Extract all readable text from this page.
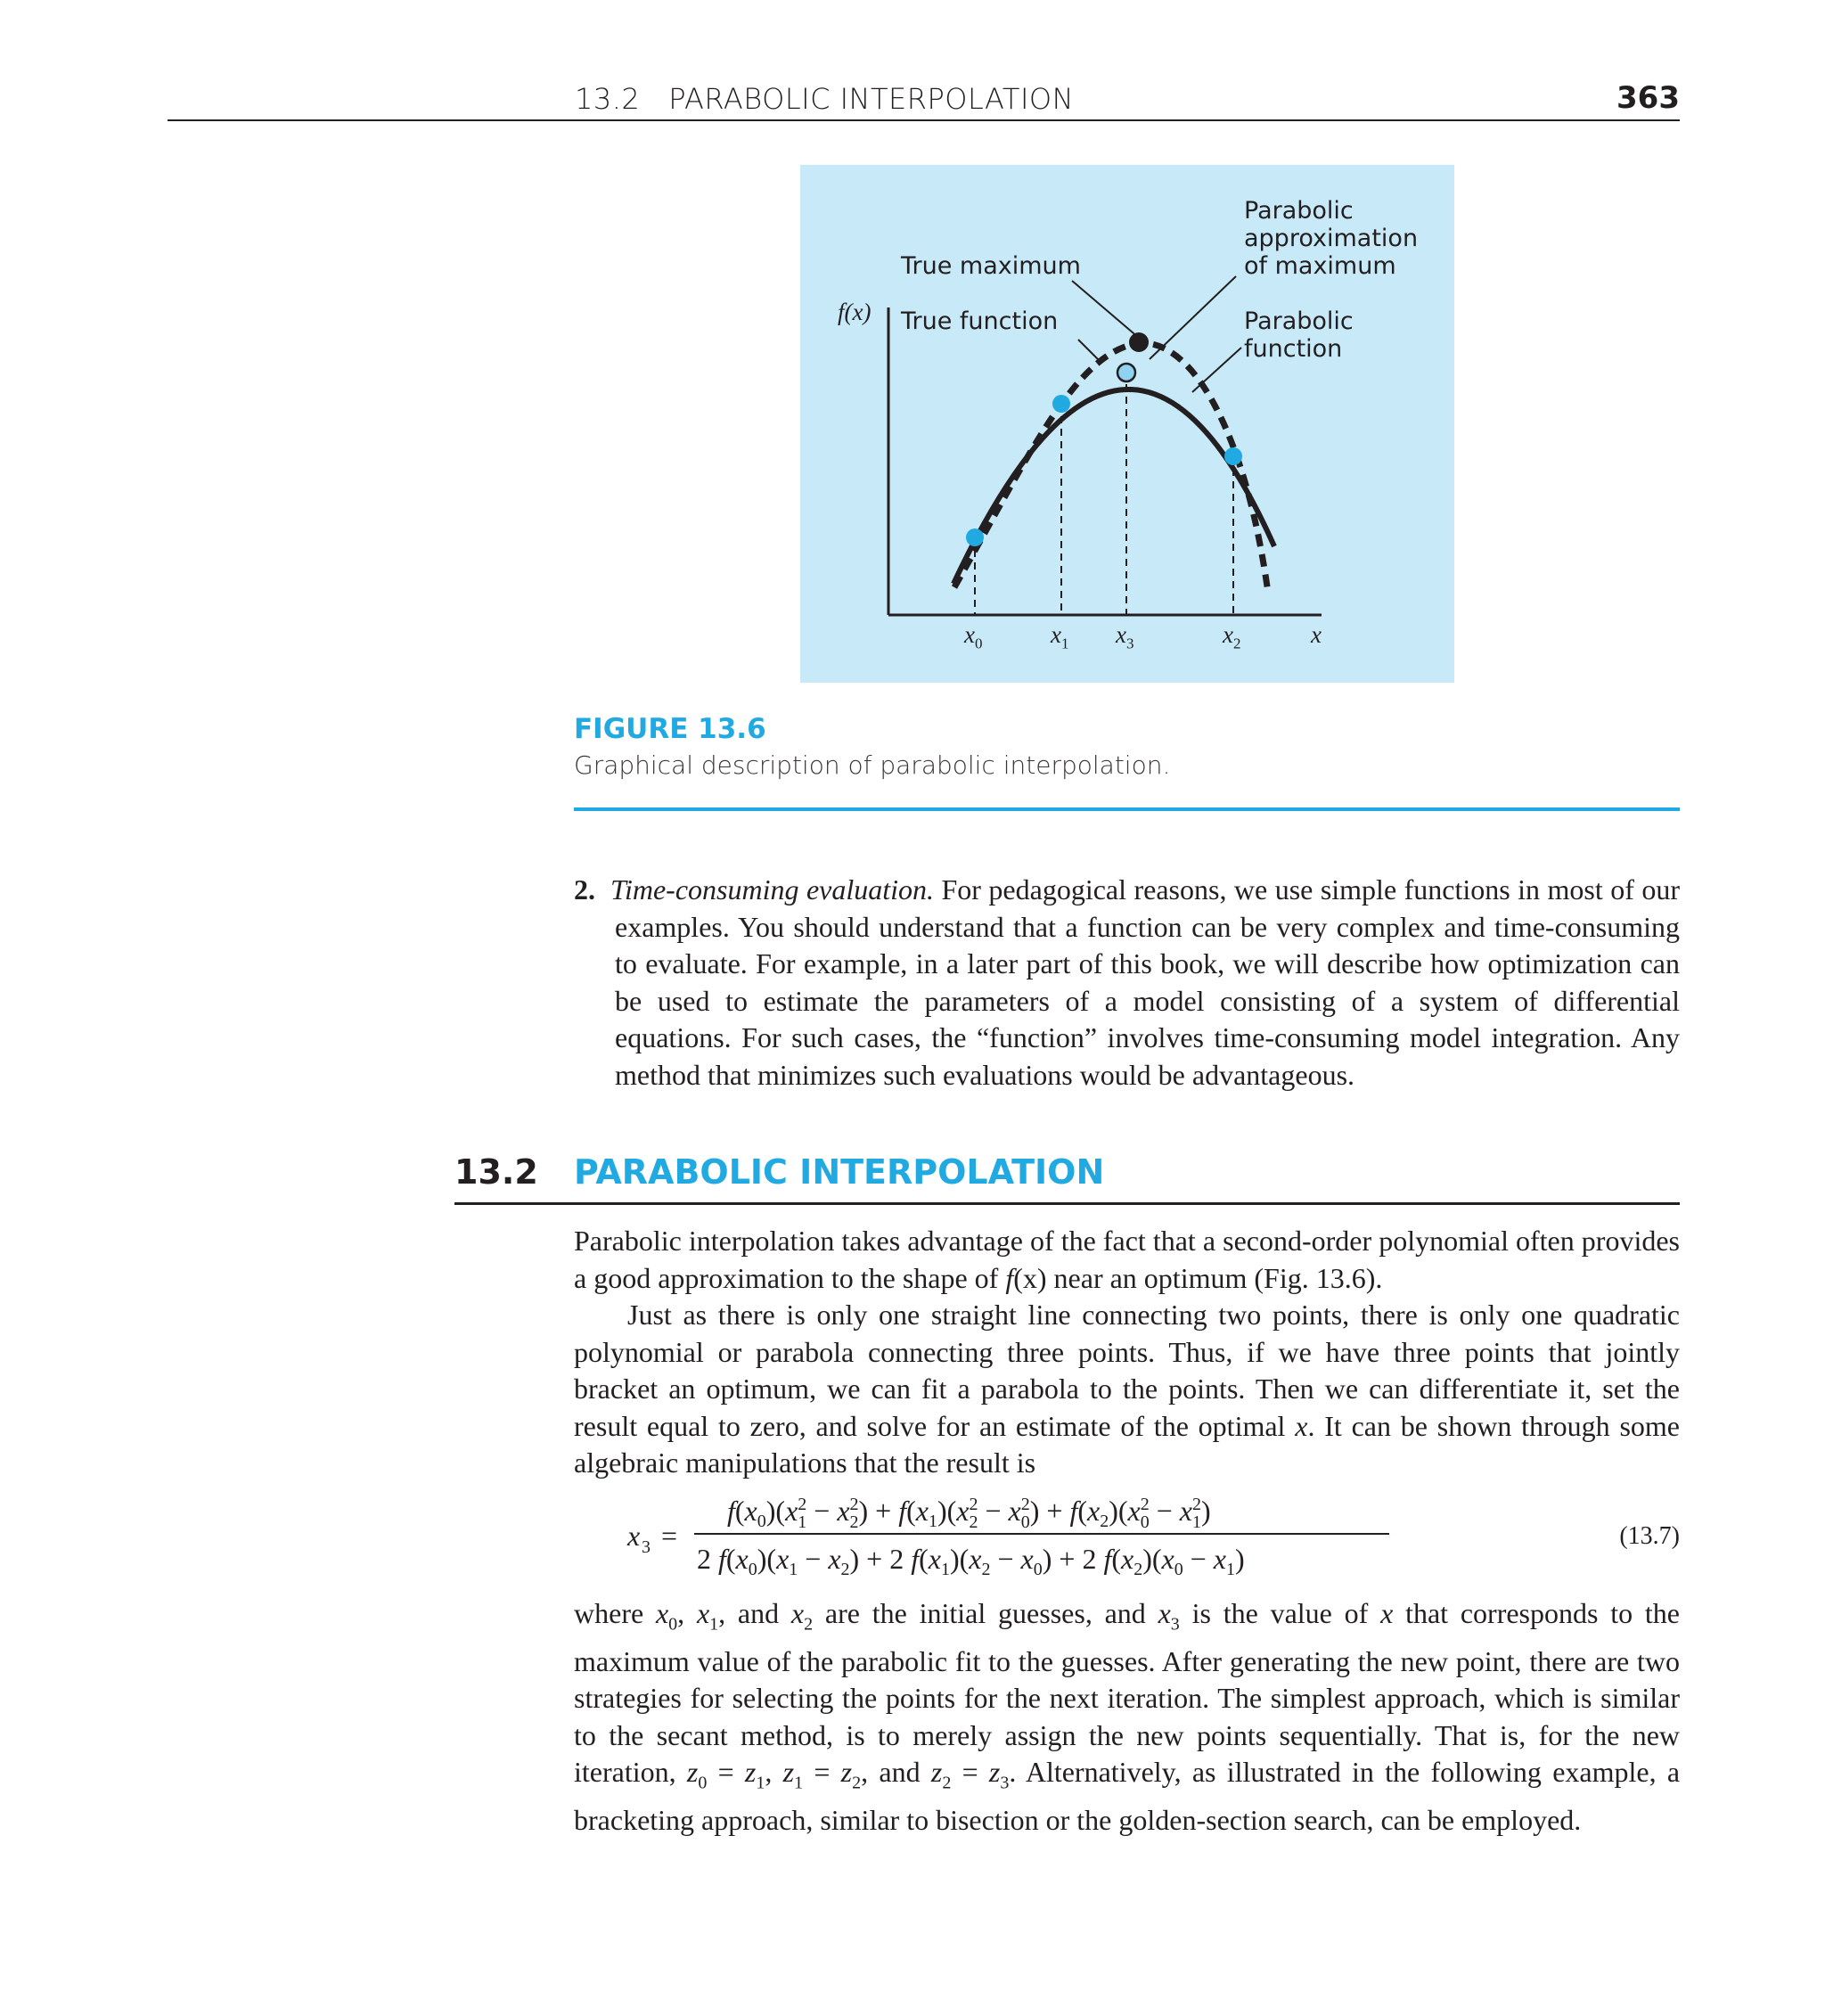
13.2   PARABOLIC INTERPOLATION	363
Parabolic
approximation
of maximum
True maximum
f(x) True function	Parabolic
function
$x_0$	$x_1$ $x_3$	$x_2$	x
FIGURE 13.6
Graphical description of parabolic interpolation.
2. Time-consuming evaluation. For pedagogical reasons, we use simple functions in most of our examples. You should understand that a function can be very complex and time-consuming to evaluate. For example, in a later part of this book, we will describe how optimization can be used to estimate the parameters of a model consisting of a system of differential equations. For such cases, the “function” involves time-consuming model integration. Any method that minimizes such evaluations would be advantageous.
13.2 PARABOLIC INTERPOLATION
Parabolic interpolation takes advantage of the fact that a second-order polynomial often provides a good approximation to the shape of f(x) near an optimum (Fig. 13.6).
Just as there is only one straight line connecting two points, there is only one quadratic polynomial or parabola connecting three points. Thus, if we have three points that jointly bracket an optimum, we can fit a parabola to the points. Then we can differentiate it, set the result equal to zero, and solve for an estimate of the optimal x. It can be shown through some algebraic manipulations that the result is
x 3 =
$f(x_0)(x_12 - x_22) + f(x_1)(x_22 - x_02) + f(x_2)(x_02 - x_12)$
2 $f(x_0)(x_1 - x_2) + 2$ $f(x_1)(x_2 - x_0) + 2$ $f(x_2)(x_0 - x_1)$
(13.7)
where $x_0$, $x_1$, and $x_2$ are the initial guesses, and $x_3$ is the value of x that corresponds to the maximum value of the parabolic fit to the guesses. After generating the new point, there are two strategies for selecting the points for the next iteration. The simplest approach, which is similar to the secant method, is to merely assign the new points sequentially. That is, for the new iteration, $z_0 = z_1$, $z_1 = z_2$, and $z_2 = z_3$. Alternatively, as illustrated in the following example, a bracketing approach, similar to bisection or the golden-section search, can be employed.
